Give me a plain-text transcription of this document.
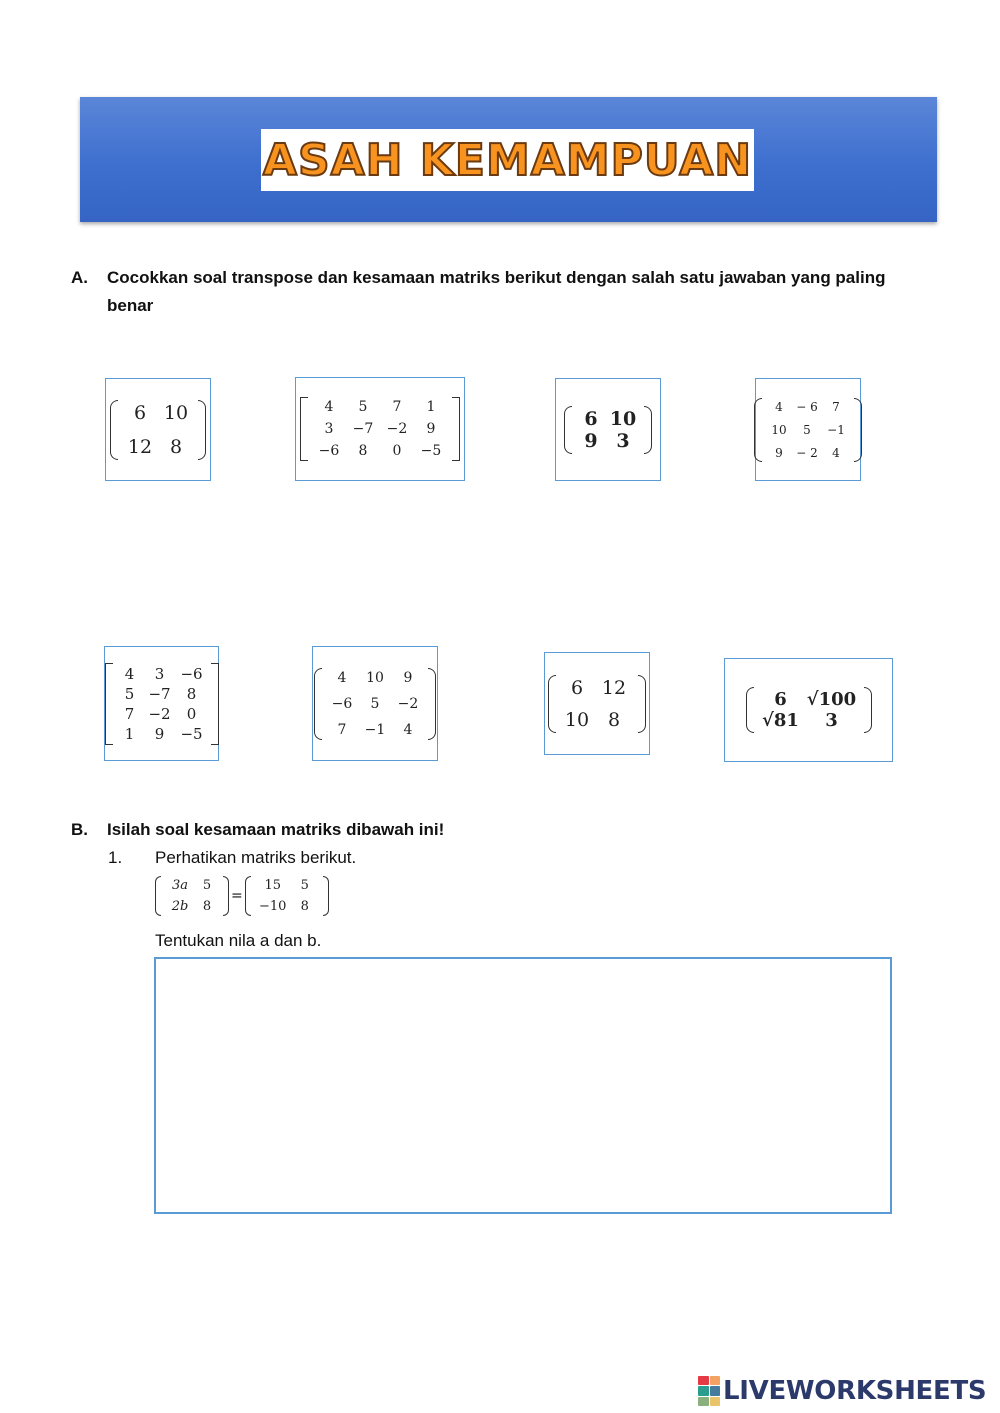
ASAH KEMAMPUAN
A. Cocokkan soal transpose dan kesamaan matriks berikut dengan salah satu jawaban yang paling
benar
6 10
12 8
4 5 7 1
3 −7 −2 9
−6 8 0 −5
6 10
9 3
4 − 6 7
10 5 −1
9 − 2 4
4 3 −6
5 −7 8
7 −2 0
1 9 −5
4 10 9
−6 5 −2
7 −1 4
6 12
10 8
6 √100
√81 3
B. Isilah soal kesamaan matriks dibawah ini!
1. Perhatikan matriks berikut.
3a 5
2b 8
=
15 5
−10 8
Tentukan nila a dan b.
LIVEWORKSHEETS
